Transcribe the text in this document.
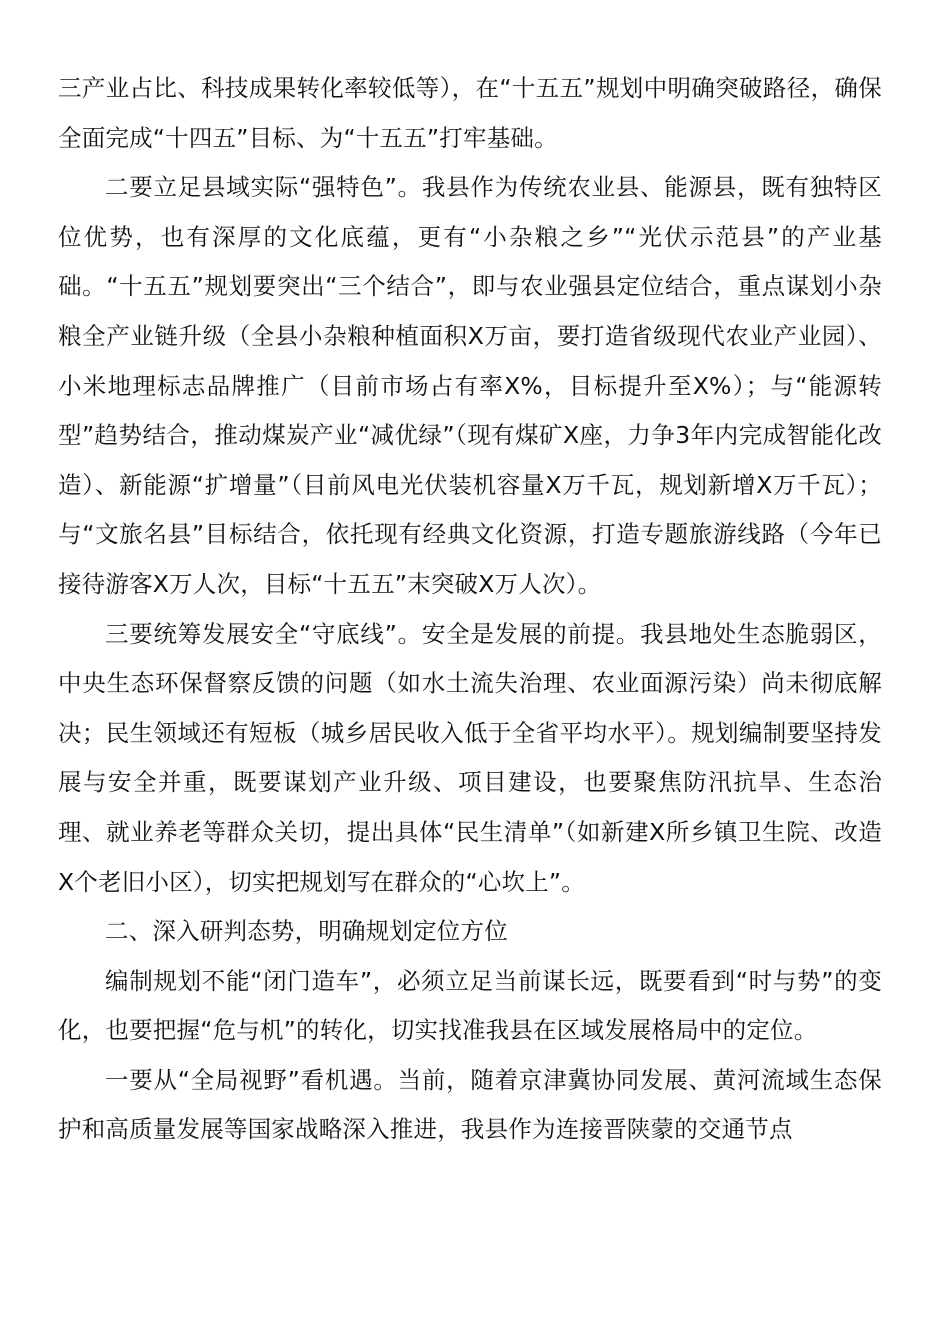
三产业占比、科技成果转化率较低等），在“十五五”规划中明确突破路径，确保全面完成“十四五”目标、为“十五五”打牢基础。

二要立足县域实际“强特色”。我县作为传统农业县、能源县，既有独特区位优势，也有深厚的文化底蕴，更有“小杂粮之乡”“光伏示范县”的产业基础。“十五五”规划要突出“三个结合”，即与农业强县定位结合，重点谋划小杂粮全产业链升级（全县小杂粮种植面积X万亩，要打造省级现代农业产业园）、小米地理标志品牌推广（目前市场占有率X%，目标提升至X%）；与“能源转型”趋势结合，推动煤炭产业“减优绿”（现有煤矿X座，力争3年内完成智能化改造）、新能源“扩增量”（目前风电光伏装机容量X万千瓦，规划新增X万千瓦）；与“文旅名县”目标结合，依托现有经典文化资源，打造专题旅游线路（今年已接待游客X万人次，目标“十五五”末突破X万人次）。

三要统筹发展安全“守底线”。安全是发展的前提。我县地处生态脆弱区，中央生态环保督察反馈的问题（如水土流失治理、农业面源污染）尚未彻底解决；民生领域还有短板（城乡居民收入低于全省平均水平）。规划编制要坚持发展与安全并重，既要谋划产业升级、项目建设，也要聚焦防汛抗旱、生态治理、就业养老等群众关切，提出具体“民生清单”（如新建X所乡镇卫生院、改造X个老旧小区），切实把规划写在群众的“心坎上”。

二、深入研判态势，明确规划定位方位

编制规划不能“闭门造车”，必须立足当前谋长远，既要看到“时与势”的变化，也要把握“危与机”的转化，切实找准我县在区域发展格局中的定位。

一要从“全局视野”看机遇。当前，随着京津冀协同发展、黄河流域生态保护和高质量发展等国家战略深入推进，我县作为连接晋陕蒙的交通节点
